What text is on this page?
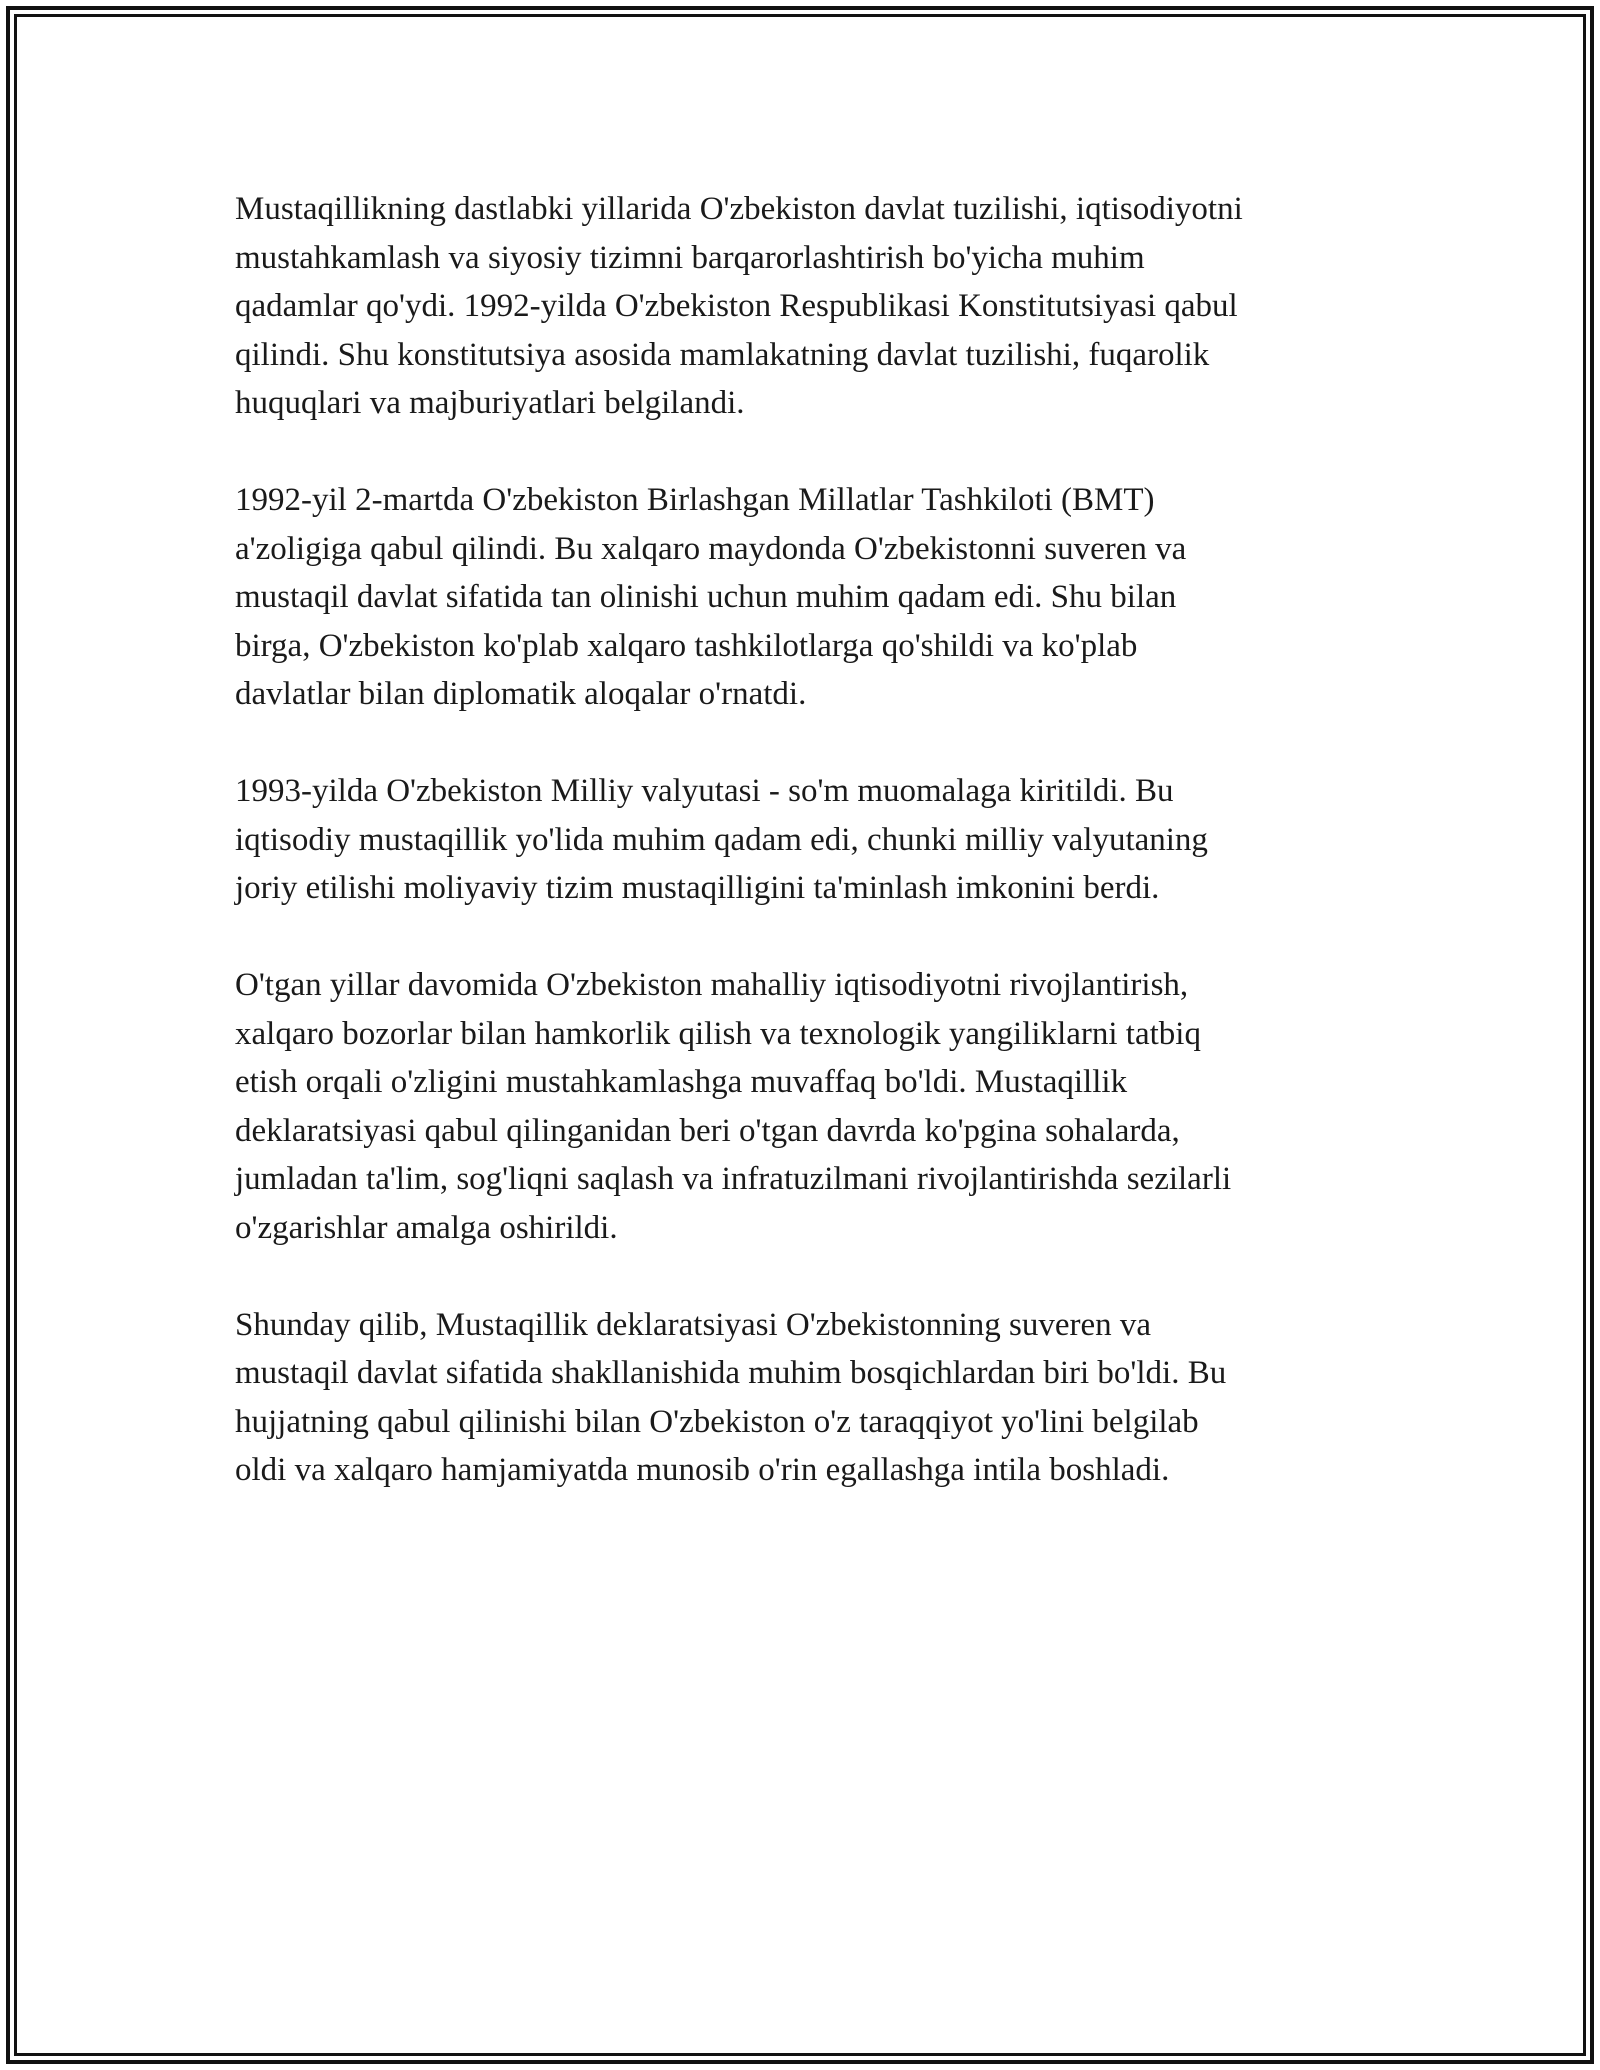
Mustaqillikning dastlabki yillarida O'zbekiston davlat tuzilishi, iqtisodiyotni
mustahkamlash va siyosiy tizimni barqarorlashtirish bo'yicha muhim
qadamlar qo'ydi. 1992-yilda O'zbekiston Respublikasi Konstitutsiyasi qabul
qilindi. Shu konstitutsiya asosida mamlakatning davlat tuzilishi, fuqarolik
huquqlari va majburiyatlari belgilandi.

1992-yil 2-martda O'zbekiston Birlashgan Millatlar Tashkiloti (BMT)
a'zoligiga qabul qilindi. Bu xalqaro maydonda O'zbekistonni suveren va
mustaqil davlat sifatida tan olinishi uchun muhim qadam edi. Shu bilan
birga, O'zbekiston ko'plab xalqaro tashkilotlarga qo'shildi va ko'plab
davlatlar bilan diplomatik aloqalar o'rnatdi.

1993-yilda O'zbekiston Milliy valyutasi - so'm muomalaga kiritildi. Bu
iqtisodiy mustaqillik yo'lida muhim qadam edi, chunki milliy valyutaning
joriy etilishi moliyaviy tizim mustaqilligini ta'minlash imkonini berdi.

O'tgan yillar davomida O'zbekiston mahalliy iqtisodiyotni rivojlantirish,
xalqaro bozorlar bilan hamkorlik qilish va texnologik yangiliklarni tatbiq
etish orqali o'zligini mustahkamlashga muvaffaq bo'ldi. Mustaqillik
deklaratsiyasi qabul qilinganidan beri o'tgan davrda ko'pgina sohalarda,
jumladan ta'lim, sog'liqni saqlash va infratuzilmani rivojlantirishda sezilarli
o'zgarishlar amalga oshirildi.

Shunday qilib, Mustaqillik deklaratsiyasi O'zbekistonning suveren va
mustaqil davlat sifatida shakllanishida muhim bosqichlardan biri bo'ldi. Bu
hujjatning qabul qilinishi bilan O'zbekiston o'z taraqqiyot yo'lini belgilab
oldi va xalqaro hamjamiyatda munosib o'rin egallashga intila boshladi.
